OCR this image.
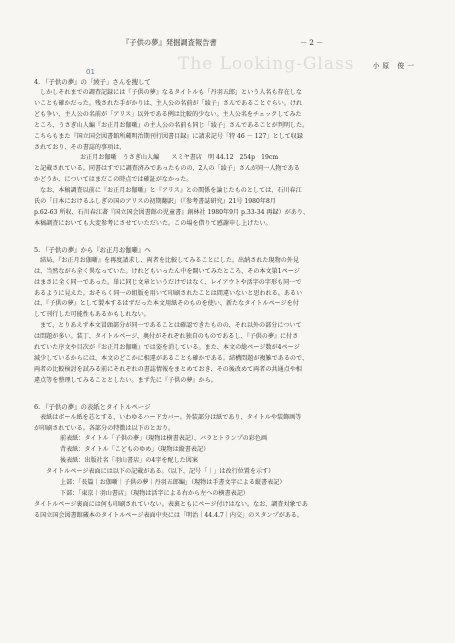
The Looking-Glass
01
『子供の夢』発掘調査報告書	－2－
小原 俊一
4. 『子供の夢』の「綾子」さんを捜して
しかしそれまでの調査記録には『子供の夢』なるタイトルも「丹羽五郎」という人名も存在しな
いことも確かだった。残された手がかりは、主人公の名前が「綾子」さんであることぐらい。けれ
ども争い、主人公の名前が「アリス」以外である例は比較的少ない。主人公名をチェックしてみた
ところ、うさぎ山人編『お正月お伽噺』の主人公の名前も同じ「綾子」さんであることが判明した。
こちらもまた『国立国会図書館所蔵明治期刊行図書目録』に請求記号「特 46 － 127」として収録
されており、その書誌的事項は、
お正月お伽噺　うさぎ山人編　　スミヤ書店　明 44.12　254p　19cm
と記載されている。同書はすでに調査済みであったものの、2人の「綾子」さんが同一人物である
かどうか、についてはまだこの時点では確証がなかった。
なお、本稿調査以前に『お正月お伽噺』と『アリス』との関係を論じたものとしては、石川春江
氏の「日本におけるふしぎの国のアリスの初期翻訳」（『参考書誌研究』21号 1980年8月
p.62-63 所収、石川春江著『国立国会図書館の児童書』創林社 1980年9月 p.33-34 再録）があり、
本稿調査においても大変参考にさせていただいた。この場を借りて感謝申し上げたい。
5. 『子供の夢』から『お正月お伽噺』へ
結局、『お正月お伽噺』を再度請求し、両者を比較してみることにした。出納された現物の外見
は、当然ながら全く異なっていた。けれどもいったん中を開いてみたところ、その本文第1ページ
はまさに全く同一であった。単に同じ文章というだけではなく、レイアウトや活字の字形も同一で
あるように見えた。おそらく同一の組版を用いて印刷されたことは間違いないと思われる。あるい
は、『子供の夢』として製本するはずだった本文用紙そのものを使い、新たなタイトルページを付
して刊行した可能性もあるかもしれない。
まて、とりあえず本文冒頭部分が同一であることは確認できたものの、それ以外の部分について
は問題が多い。装丁、タイトルページ、奥付がそれぞれ独自のものであるし、『子供の夢』に付さ
れていた序文や目次が『お正月お伽噺』では姿を消している。また、本文の総ページ数が4ページ
減少しているからには、本文のどこかに相違があることも確かである。結構問題が複雑であるので、
両者の比較検討を試みる前にそれぞれの書誌情報をまとめておき、その後改めて両者の共通点や相
違点等を整理してみることとしたい。まず先に『子供の夢』から。
6. 『子供の夢』の表紙とタイトルページ
表紙はボール紙を芯とする、いわゆるハードカバー。外装部分は紙であり、タイトルや装飾画等
が印刷されている。各部分の特徴は以下のとおり。
前表紙：タイトル「子供の夢」（現物は横書表記）、バラとトランプの彩色画
背表紙：タイトル「こどものゆめ」（現物は縦書表記）
後表紙：出版社名「羽山書店」の4字を配した図案
タイトルページ表面には以下の記載がある。（以下、記号「｜」は改行位置を示す）
上部：「長篇｜お伽噺｜子供の夢｜丹羽五郎編」（現物は手書文字による縦書表記）
下部：「東京｜羽山書店」（現物は活字による右から左への横書表記）
タイトルページ裏面には何も印刷されていない。表裏ともにページ付けはない。なお、調査対象であ
る国立国会図書館蔵本のタイトルページ表面中央には「明治｜44.4.7｜内交」のスタンプがある。
